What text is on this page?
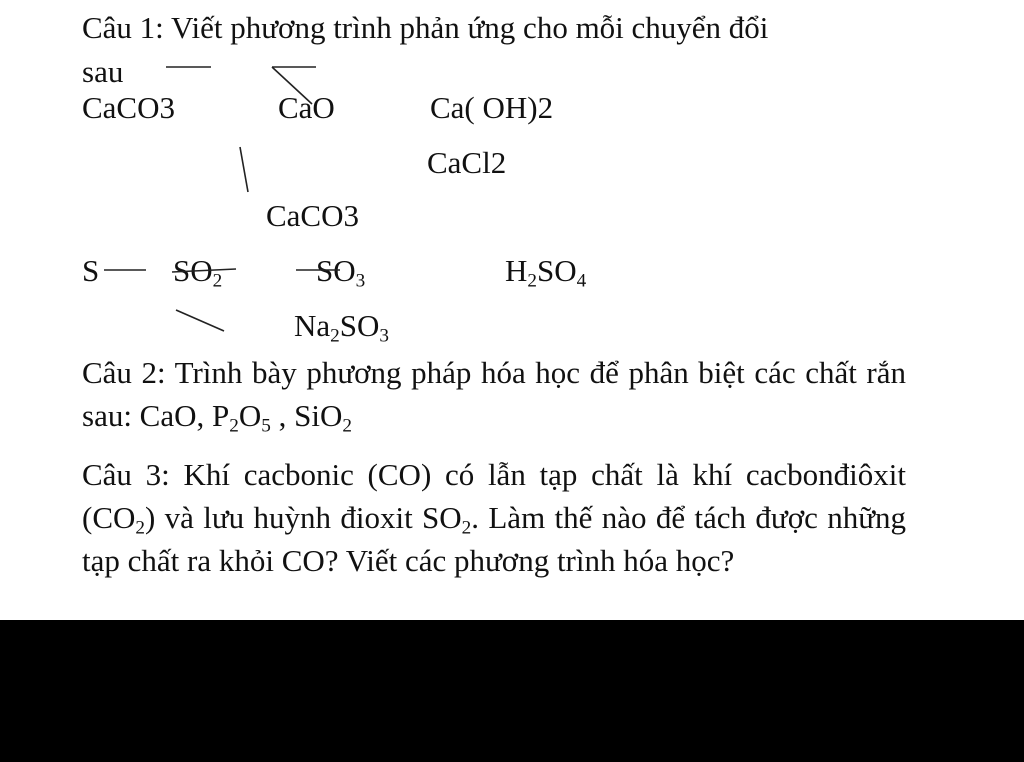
Câu 1: Viết phương trình phản ứng cho mỗi chuyển đổi

sau
CaCO3	CaO	Ca( OH)2
CaCl2
CaCO3
S $SO_2$	$SO_3$	$H_2SO_4$
$Na_2SO_3$

Câu 2: Trình bày phương pháp hóa học để phân biệt các chất rắn sau: CaO, $P_2O_5$ , SiO$_2$

Câu 3: Khí cacbonic (CO) có lẫn tạp chất là khí cacbonđiôxit $(CO_2)$ và lưu huỳnh đioxit $SO_2$. Làm thế nào để tách được những tạp chất ra khỏi CO? Viết các phương trình hóa học?
